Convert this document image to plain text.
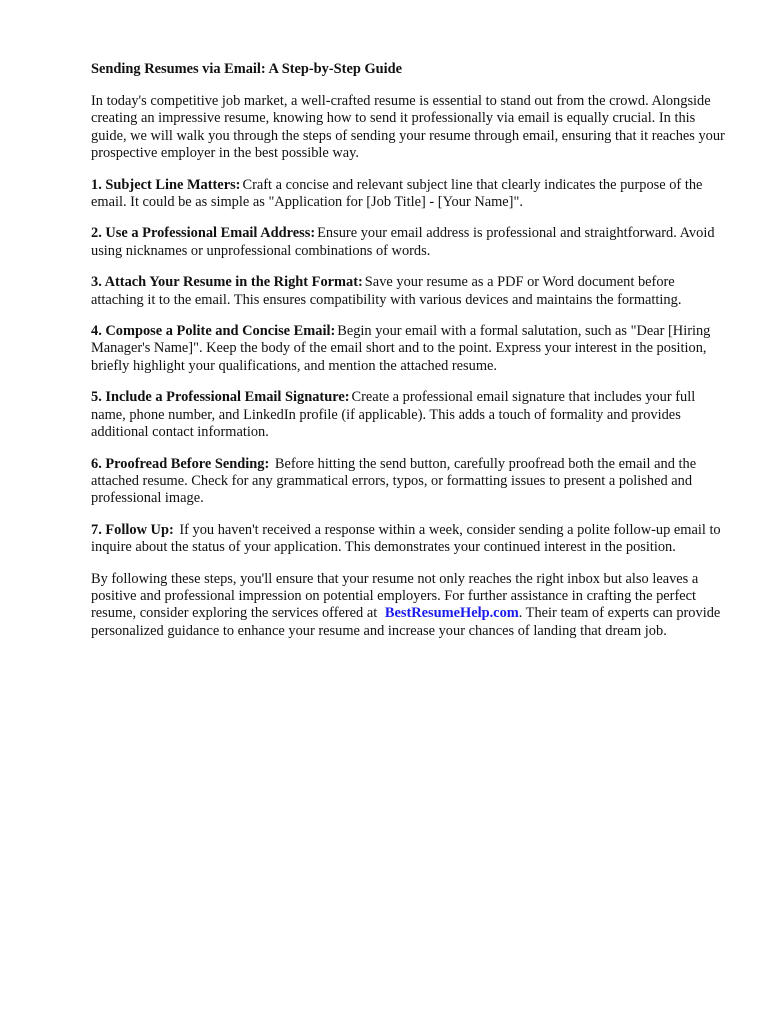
Sending Resumes via Email: A Step-by-Step Guide

In today's competitive job market, a well-crafted resume is essential to stand out from the crowd. Alongside creating an impressive resume, knowing how to send it professionally via email is equally crucial. In this guide, we will walk you through the steps of sending your resume through email, ensuring that it reaches your prospective employer in the best possible way.

1. Subject Line Matters: Craft a concise and relevant subject line that clearly indicates the purpose of the email. It could be as simple as "Application for [Job Title] - [Your Name]".

2. Use a Professional Email Address: Ensure your email address is professional and straightforward. Avoid using nicknames or unprofessional combinations of words.

3. Attach Your Resume in the Right Format: Save your resume as a PDF or Word document before attaching it to the email. This ensures compatibility with various devices and maintains the formatting.

4. Compose a Polite and Concise Email: Begin your email with a formal salutation, such as "Dear [Hiring Manager's Name]". Keep the body of the email short and to the point. Express your interest in the position, briefly highlight your qualifications, and mention the attached resume.

5. Include a Professional Email Signature: Create a professional email signature that includes your full name, phone number, and LinkedIn profile (if applicable). This adds a touch of formality and provides additional contact information.

6. Proofread Before Sending: Before hitting the send button, carefully proofread both the email and the attached resume. Check for any grammatical errors, typos, or formatting issues to present a polished and professional image.

7. Follow Up: If you haven't received a response within a week, consider sending a polite follow-up email to inquire about the status of your application. This demonstrates your continued interest in the position.

By following these steps, you'll ensure that your resume not only reaches the right inbox but also leaves a positive and professional impression on potential employers. For further assistance in crafting the perfect resume, consider exploring the services offered at BestResumeHelp.com. Their team of experts can provide personalized guidance to enhance your resume and increase your chances of landing that dream job.
